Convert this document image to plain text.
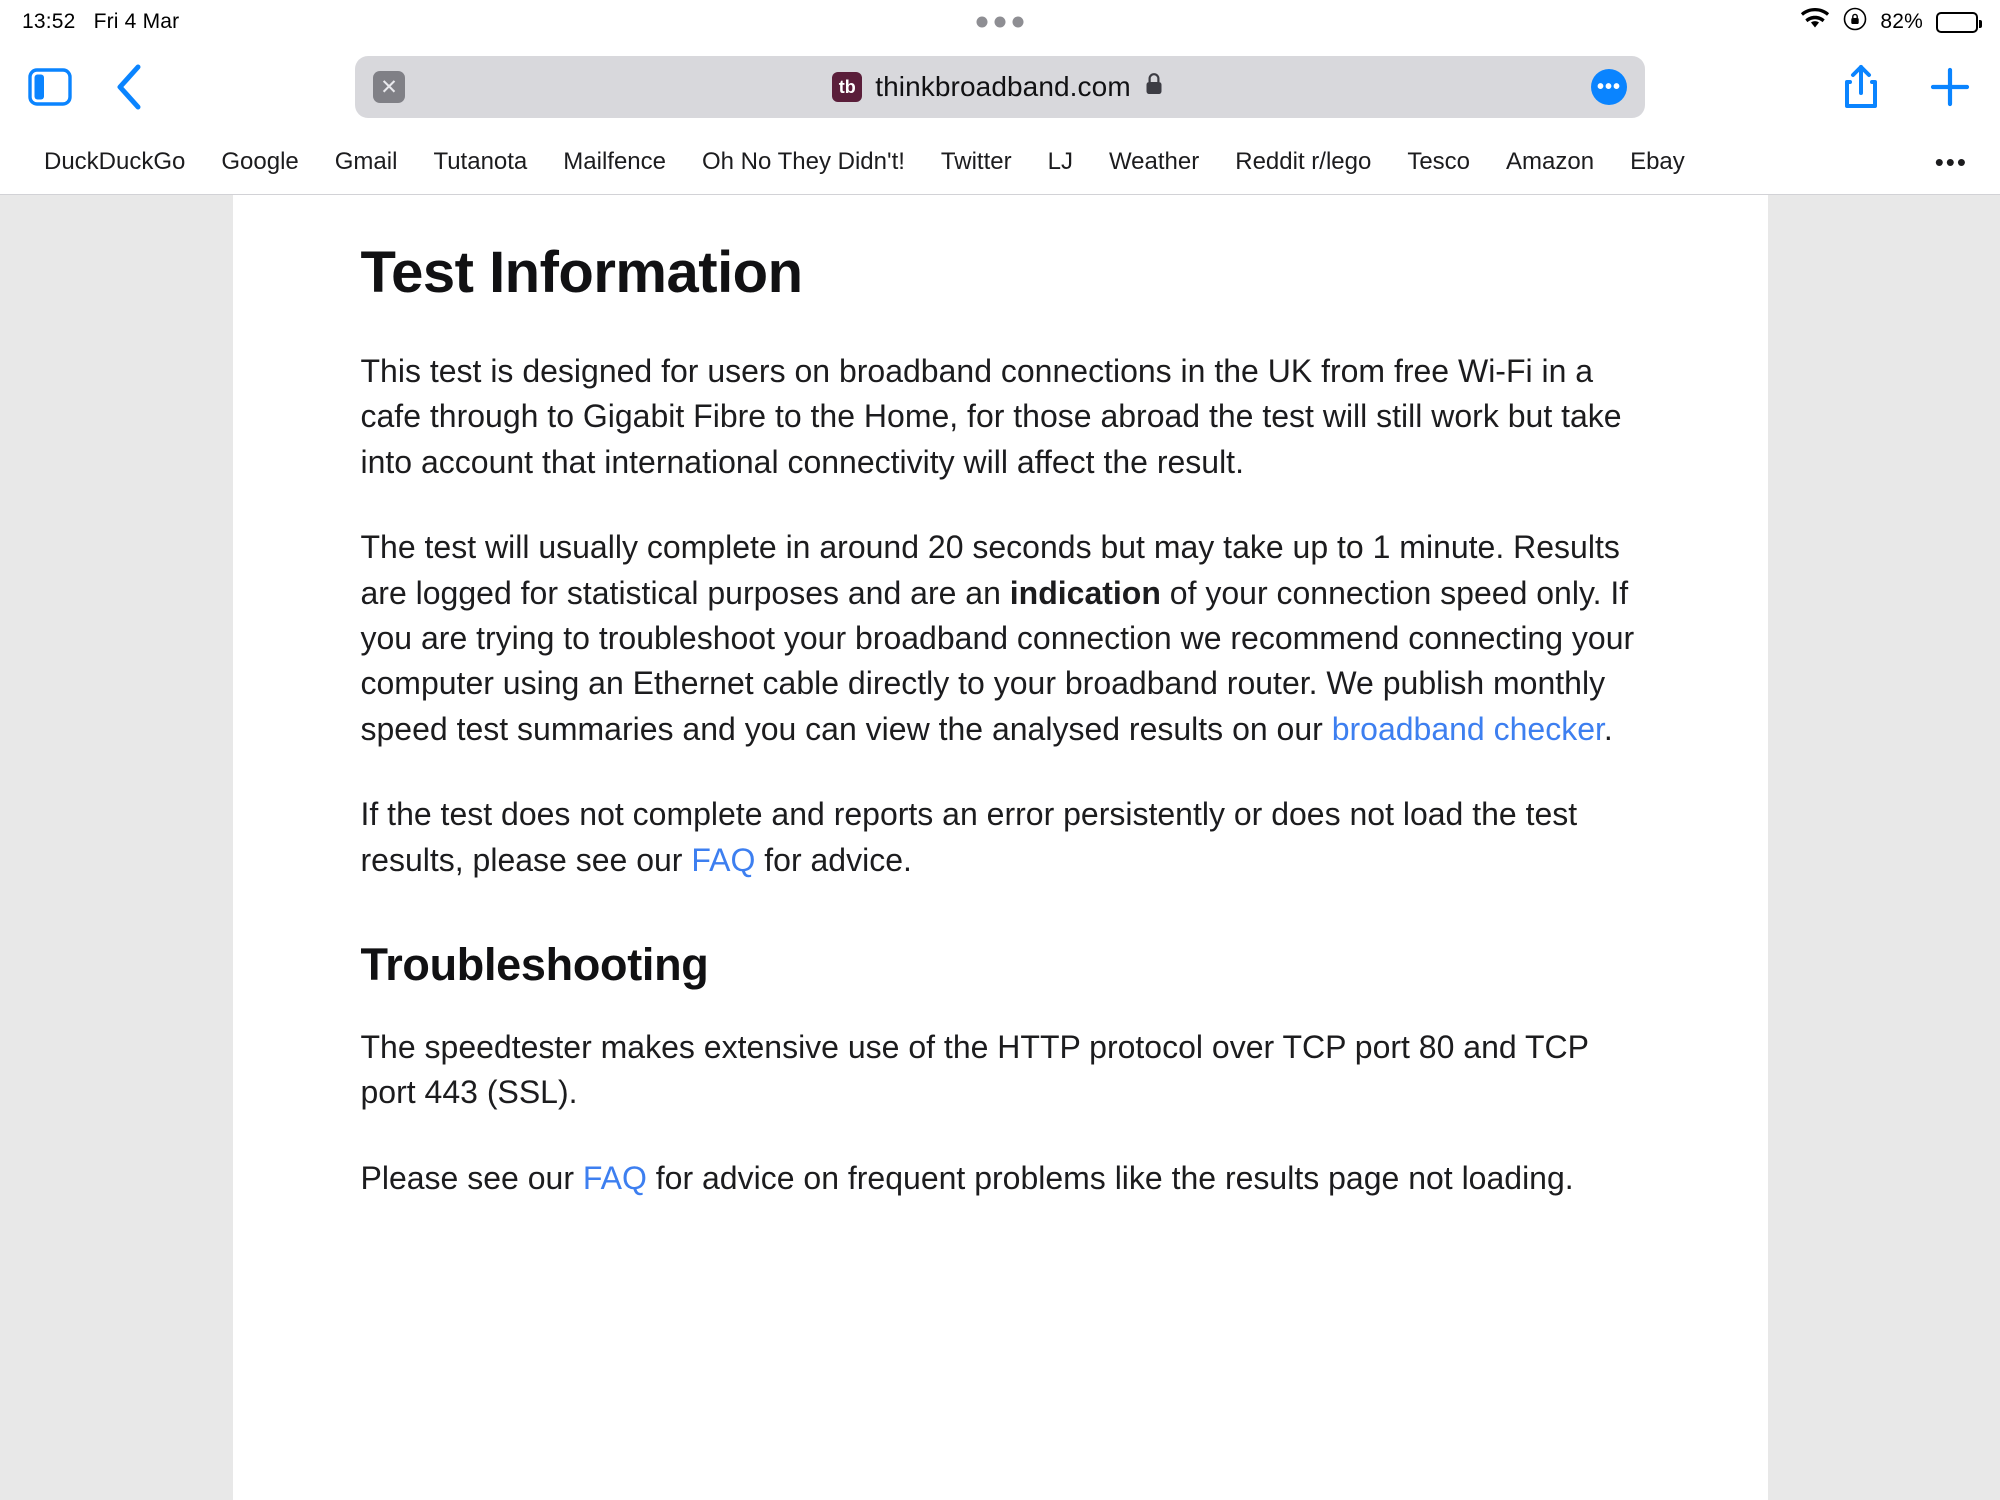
13:52 Fri 4 Mar	82%
✕	tb thinkbroadband.com	•••
DuckDuckGo	Google	Gmail	Tutanota	Mailfence	Oh No They Didn't!	Twitter	LJ	Weather	Reddit r/lego	Tesco	Amazon	Ebay	•••
Test Information

This test is designed for users on broadband connections in the UK from free Wi-Fi in a cafe through to Gigabit Fibre to the Home, for those abroad the test will still work but take into account that international connectivity will affect the result.

The test will usually complete in around 20 seconds but may take up to 1 minute. Results are logged for statistical purposes and are an indication of your connection speed only. If you are trying to troubleshoot your broadband connection we recommend connecting your computer using an Ethernet cable directly to your broadband router. We publish monthly speed test summaries and you can view the analysed results on our broadband checker.

If the test does not complete and reports an error persistently or does not load the test results, please see our FAQ for advice.

Troubleshooting

The speedtester makes extensive use of the HTTP protocol over TCP port 80 and TCP port 443 (SSL).

Please see our FAQ for advice on frequent problems like the results page not loading.
